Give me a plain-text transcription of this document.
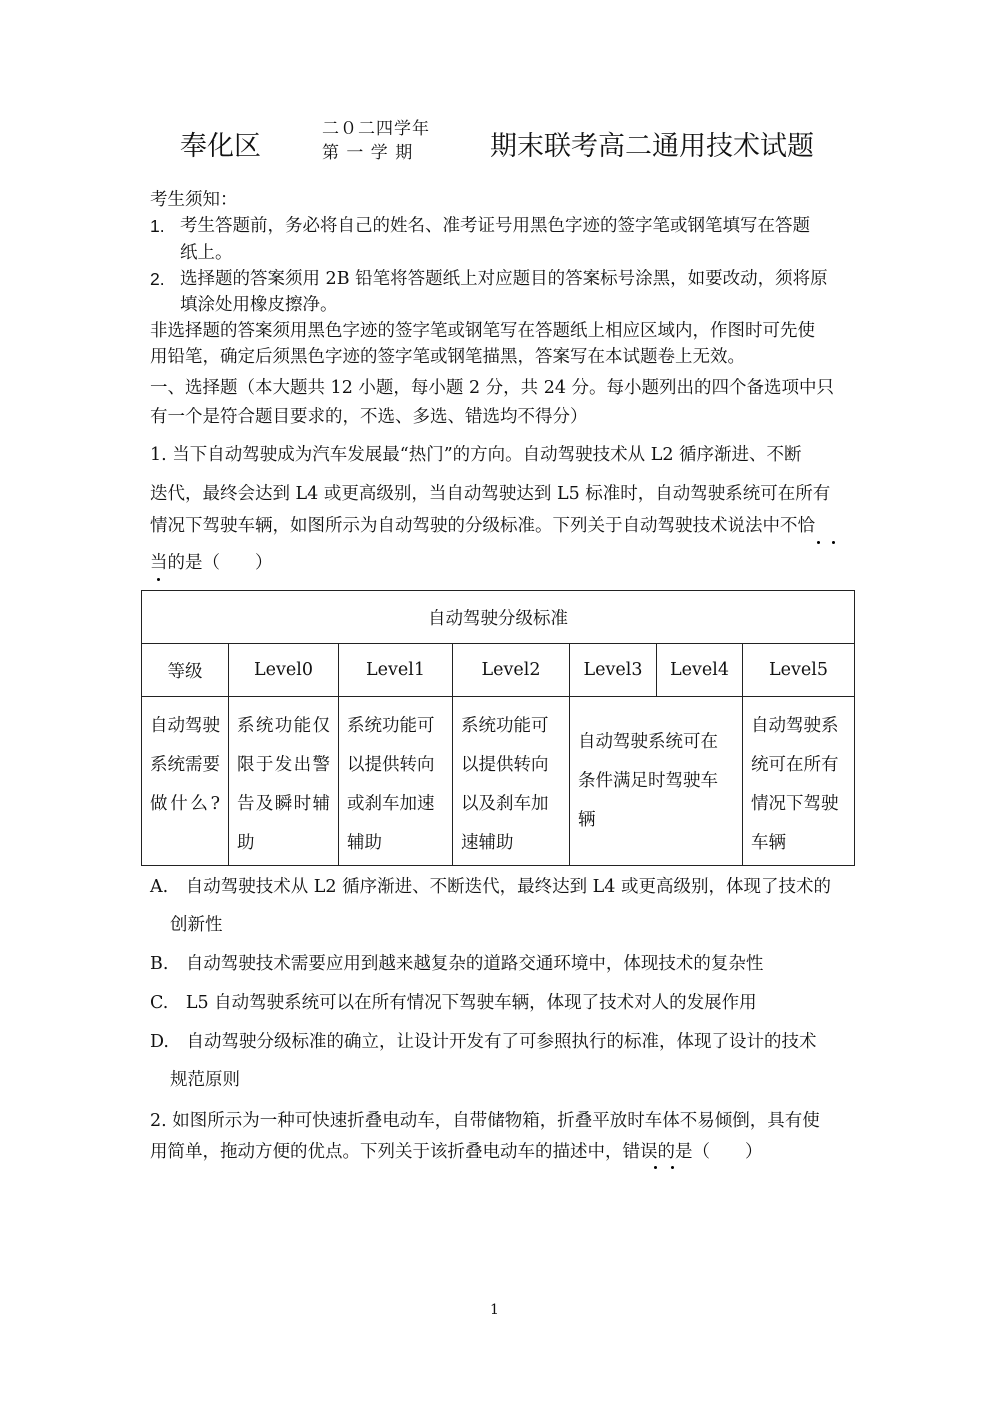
奉化区
二０二四学年
第 一 学 期	期末联考高二通用技术试题
考生须知：
1. 考生答题前，务必将自己的姓名、准考证号用黑色字迹的签字笔或钢笔填写在答题
纸上。
2. 选择题的答案须用 2B 铅笔将答题纸上对应题目的答案标号涂黑，如要改动，须将原
填涂处用橡皮擦净。
非选择题的答案须用黑色字迹的签字笔或钢笔写在答题纸上相应区域内，作图时可先使
用铅笔，确定后须黑色字迹的签字笔或钢笔描黑，答案写在本试题卷上无效。
一、选择题（本大题共 12 小题，每小题 2 分，共 24 分。每小题列出的四个备选项中只
有一个是符合题目要求的，不选、多选、错选均不得分）
1. 当下自动驾驶成为汽车发展最“热门”的方向。自动驾驶技术从 L2 循序渐进、不断
迭代，最终会达到 L4 或更高级别，当自动驾驶达到 L5 标准时，自动驾驶系统可在所有
情况下驾驶车辆，如图所示为自动驾驶的分级标准。下列关于自动驾驶技术说法中不恰
当的是（　　）
自动驾驶分级标准						
等级	Level0	Level1	Level2	Level3	Level4	Level5

自动驾驶系统需要做什么?	系统功能仅限于发出警告及瞬时辅助	系统功能可以提供转向或刹车加速辅助	系统功能可以提供转向以及刹车加速辅助	自动驾驶系统可在条件满足时驾驶车辆		自动驾驶系统可在所有情况下驾驶车辆
A.　自动驾驶技术从 L2 循序渐进、不断迭代，最终达到 L4 或更高级别，体现了技术的
创新性
B.　自动驾驶技术需要应用到越来越复杂的道路交通环境中，体现技术的复杂性
C.　L5 自动驾驶系统可以在所有情况下驾驶车辆，体现了技术对人的发展作用
D.　自动驾驶分级标准的确立，让设计开发有了可参照执行的标准，体现了设计的技术
规范原则
2. 如图所示为一种可快速折叠电动车，自带储物箱，折叠平放时车体不易倾倒，具有使
用简单，拖动方便的优点。下列关于该折叠电动车的描述中，错误的是（　　）
1
